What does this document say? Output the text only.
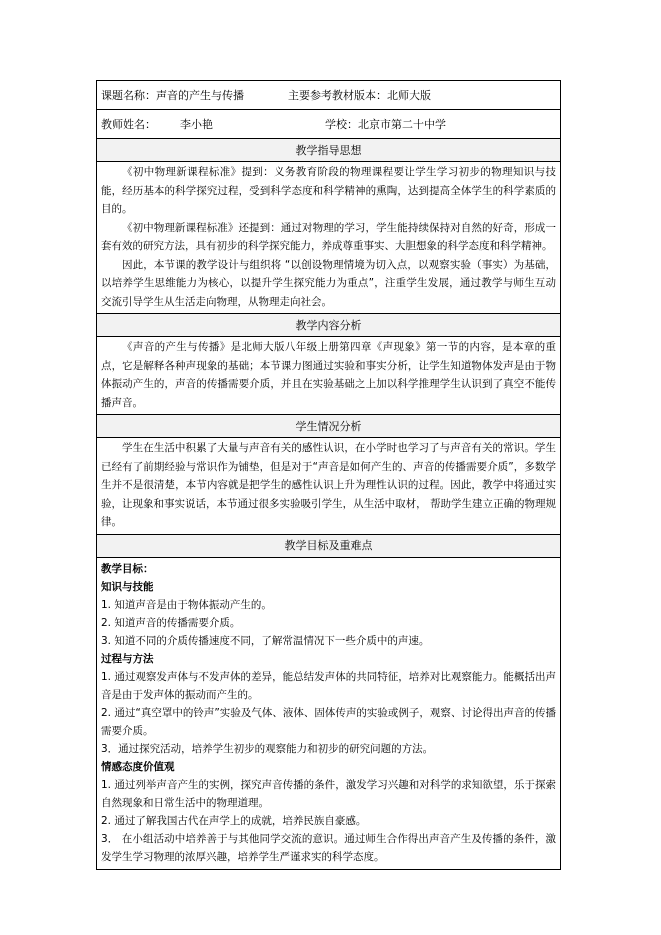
课题名称：声音的产生与传播	主要参考教材版本：北师大版

教师姓名： 李小艳	学校：北京市第二十中学

教学指导思想

《初中物理新课程标准》提到：义务教育阶段的物理课程要让学生学习初步的物理知识与技能，经历基本的科学探究过程，受到科学态度和科学精神的熏陶，达到提高全体学生的科学素质的目的。

《初中物理新课程标准》还提到：通过对物理的学习，学生能持续保持对自然的好奇，形成一套有效的研究方法，具有初步的科学探究能力，养成尊重事实、大胆想象的科学态度和科学精神。

因此，本节课的教学设计与组织将 “以创设物理情境为切入点，以观察实验（事实）为基础，以培养学生思维能力为核心，以提升学生探究能力为重点”，注重学生发展，通过教学与师生互动交流引导学生从生活走向物理，从物理走向社会。

教学内容分析

《声音的产生与传播》是北师大版八年级上册第四章《声现象》第一节的内容，是本章的重点，它是解释各种声现象的基础；本节课力图通过实验和事实分析，让学生知道物体发声是由于物体振动产生的，声音的传播需要介质，并且在实验基础之上加以科学推理学生认识到了真空不能传播声音。

学生情况分析

学生在生活中积累了大量与声音有关的感性认识，在小学时也学习了与声音有关的常识。学生已经有了前期经验与常识作为铺垫，但是对于“声音是如何产生的、声音的传播需要介质”，多数学生并不是很清楚，本节内容就是把学生的感性认识上升为理性认识的过程。因此，教学中将通过实验，让现象和事实说话，本节通过很多实验吸引学生，从生活中取材， 帮助学生建立正确的物理规律。

教学目标及重难点

教学目标：

知识与技能

1. 知道声音是由于物体振动产生的。

2. 知道声音的传播需要介质。

3. 知道不同的介质传播速度不同，了解常温情况下一些介质中的声速。

过程与方法

1. 通过观察发声体与不发声体的差异，能总结发声体的共同特征，培养对比观察能力。能概括出声音是由于发声体的振动而产生的。

2. 通过“真空罩中的铃声”实验及气体、液体、固体传声的实验或例子，观察、讨论得出声音的传播需要介质。

3．通过探究活动，培养学生初步的观察能力和初步的研究问题的方法。

情感态度价值观

1. 通过列举声音产生的实例，探究声音传播的条件，激发学习兴趣和对科学的求知欲望，乐于探索自然现象和日常生活中的物理道理。

2. 通过了解我国古代在声学上的成就，培养民族自豪感。

3． 在小组活动中培养善于与其他同学交流的意识。通过师生合作得出声音产生及传播的条件，激发学生学习物理的浓厚兴趣，培养学生严谨求实的科学态度。
